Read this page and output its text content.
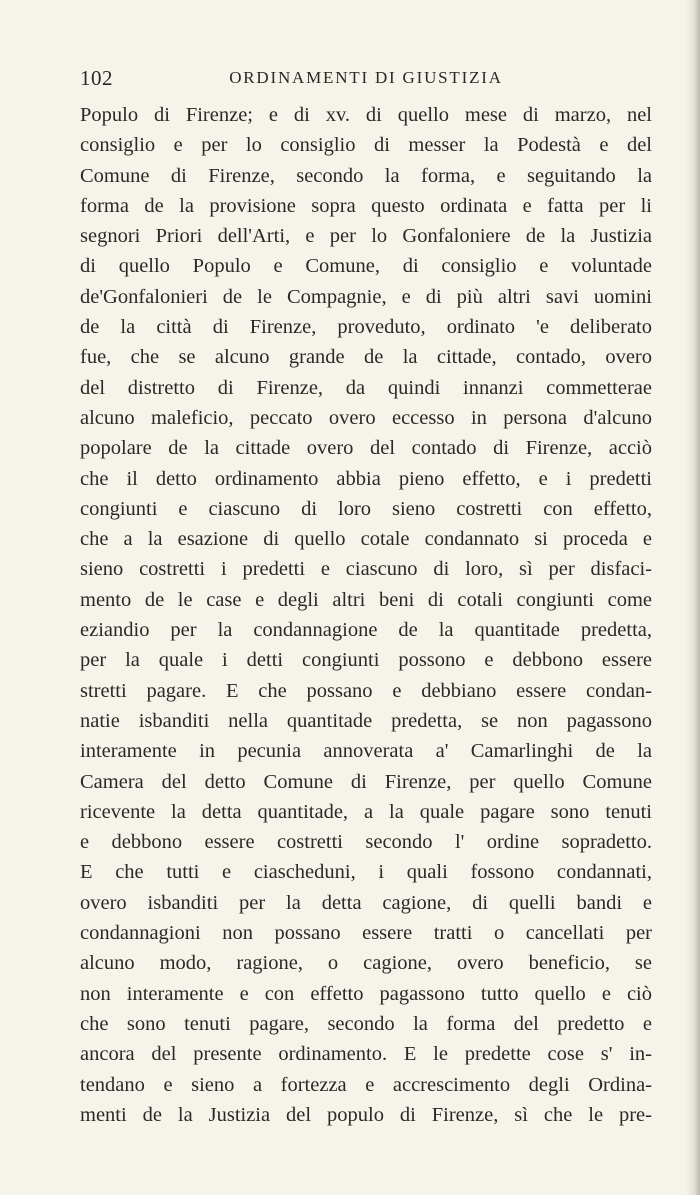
102	ORDINAMENTI DI GIUSTIZIA
Populo di Firenze; e di xv. di quello mese di marzo, nel
consiglio e per lo consiglio di messer la Podestà e del
Comune di Firenze, secondo la forma, e seguitando la
forma de la provisione sopra questo ordinata e fatta per li
segnori Priori dell'Arti, e per lo Gonfaloniere de la Justizia
di quello Populo e Comune, di consiglio e voluntade
de'Gonfalonieri de le Compagnie, e di più altri savi uomini
de la città di Firenze, proveduto, ordinato 'e deliberato
fue, che se alcuno grande de la cittade, contado, overo
del distretto di Firenze, da quindi innanzi commetterae
alcuno maleficio, peccato overo eccesso in persona d'alcuno
popolare de la cittade overo del contado di Firenze, acciò
che il detto ordinamento abbia pieno effetto, e i predetti
congiunti e ciascuno di loro sieno costretti con effetto,
che a la esazione di quello cotale condannato si proceda e
sieno costretti i predetti e ciascuno di loro, sì per disfaci-
mento de le case e degli altri beni di cotali congiunti come
eziandio per la condannagione de la quantitade predetta,
per la quale i detti congiunti possono e debbono essere
stretti pagare. E che possano e debbiano essere condan-
natie isbanditi nella quantitade predetta, se non pagassono
interamente in pecunia annoverata a' Camarlinghi de la
Camera del detto Comune di Firenze, per quello Comune
ricevente la detta quantitade, a la quale pagare sono tenuti
e debbono essere costretti secondo l' ordine sopradetto.
E che tutti e ciascheduni, i quali fossono condannati,
overo isbanditi per la detta cagione, di quelli bandi e
condannagioni non possano essere tratti o cancellati per
alcuno modo, ragione, o cagione, overo beneficio, se
non interamente e con effetto pagassono tutto quello e ciò
che sono tenuti pagare, secondo la forma del predetto e
ancora del presente ordinamento. E le predette cose s' in-
tendano e sieno a fortezza e accrescimento degli Ordina-
menti de la Justizia del populo di Firenze, sì che le pre-
